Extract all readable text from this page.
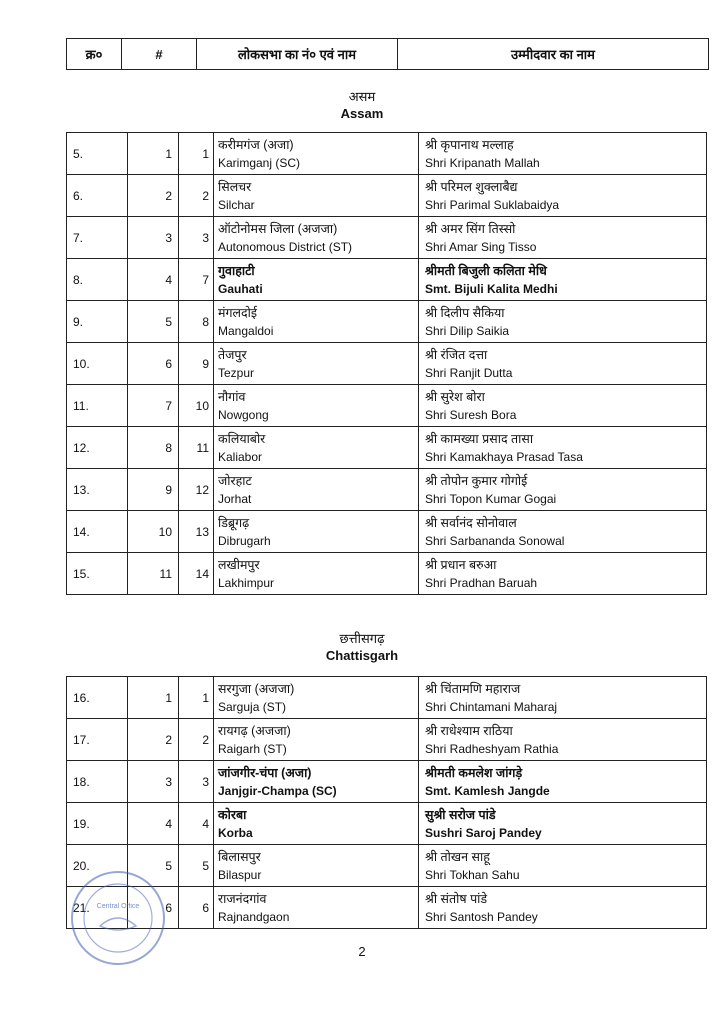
क्र०	#	लोकसभा का नं० एवं नाम	उम्मीदवार का नाम
असम
Assam
5.	1	1	करीमगंज (अजा)
Karimganj (SC)	श्री कृपानाथ मल्लाह
Shri Kripanath Mallah

6.	2	2	सिलचर
Silchar	श्री परिमल शुक्लाबैद्य
Shri Parimal Suklabaidya

7.	3	3	ऑटोनोमस जिला (अजजा)
Autonomous District (ST)	श्री अमर सिंग तिस्सो
Shri Amar Sing Tisso

8.	4	7	गुवाहाटी
Gauhati	श्रीमती बिजुली कलिता मेधि
Smt. Bijuli Kalita Medhi

9.	5	8	मंगलदोई
Mangaldoi	श्री दिलीप सैकिया
Shri Dilip Saikia

10.	6	9	तेजपुर
Tezpur	श्री रंजित दत्ता
Shri Ranjit Dutta

11.	7	10	नौगांव
Nowgong	श्री सुरेश बोरा
Shri Suresh Bora

12.	8	11	कलियाबोर
Kaliabor	श्री कामख्या प्रसाद तासा
Shri Kamakhaya Prasad Tasa

13.	9	12	जोरहाट
Jorhat	श्री तोपोन कुमार गोगोई
Shri Topon Kumar Gogai

14.	10	13	डिब्रूगढ़
Dibrugarh	श्री सर्वानंद सोनोवाल
Shri Sarbananda Sonowal

15.	11	14	लखीमपुर
Lakhimpur	श्री प्रधान बरुआ
Shri Pradhan Baruah
छत्तीसगढ़
Chattisgarh
16.	1	1	सरगुजा (अजजा)
Sarguja (ST)	श्री चिंतामणि महाराज
Shri Chintamani Maharaj

17.	2	2	रायगढ़ (अजजा)
Raigarh (ST)	श्री राधेश्याम राठिया
Shri Radheshyam Rathia

18.	3	3	जांजगीर-चंपा (अजा)
Janjgir-Champa (SC)	श्रीमती कमलेश जांगड़े
Smt. Kamlesh Jangde

19.	4	4	कोरबा
Korba	सुश्री सरोज पांडे
Sushri Saroj Pandey

20.	5	5	बिलासपुर
Bilaspur	श्री तोखन साहू
Shri Tokhan Sahu

21.	6	6	राजनंदगांव
Rajnandgaon	श्री संतोष पांडे
Shri Santosh Pandey
Central Office
2
